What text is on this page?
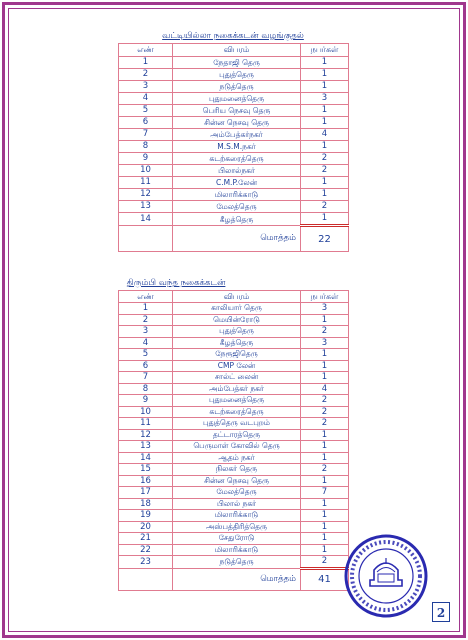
வட்டியில்லா நகைக்கடன் வழங்குதல்
எண்	விபரம்	நபர்கள்
1	நேதாஜி தெரு	1
2	புதுத்தெரு	1
3	நடுத்தெரு	1
4	புதுமனைத்தெரு	3
5	பெரிய நெசவு தெரு	1
6	சின்ன நெசவு தெரு	1
7	அம்பேத்கர்நகர்	4
8	M.S.M.நகர்	1
9	கடற்கரைத்தெரு	2
10	பிலால்நகர்	2
11	C.M.P.லேன்	1
12	மிலாரிக்காடு	1
13	மேலத்தெரு	2
14	கீழத்தெரு	1
	மொத்தம்	22
திரும்பி வந்த நகைக்கடன்
எண்	விபரம்	நபர்கள்
1	காலியார் தெரு	3
2	மெயின்ரோடு	1
3	புதுத்தெரு	2
4	கீழத்தெரு	3
5	நேரூஜிதெரு	1
6	CMP லேன்	1
7	சால்ட் லைன்	1
8	அம்பேத்கர் நகர்	4
9	புதுமனைத்தெரு	2
10	கடற்கரைத்தெரு	2
11	புதுத்தெரு வடபுறம்	2
12	தட்டாரத்தெரு	1
13	பெருமாள் கோவில் தெரு	1
14	ஆதம் நகர்	1
15	நிலகர் தெரு	2
16	சின்ன நெசவு தெரு	1
17	மேலத்தெரு	7
18	பிலால் நகர்	1
19	மிலாரிக்காடு	1
20	அஸ்பத்திரித்தெரு	1
21	சேதுரோடு	1
22	மிலாரிக்காடு	1
23	நடுத்தெரு	2
	மொத்தம்	41
2
